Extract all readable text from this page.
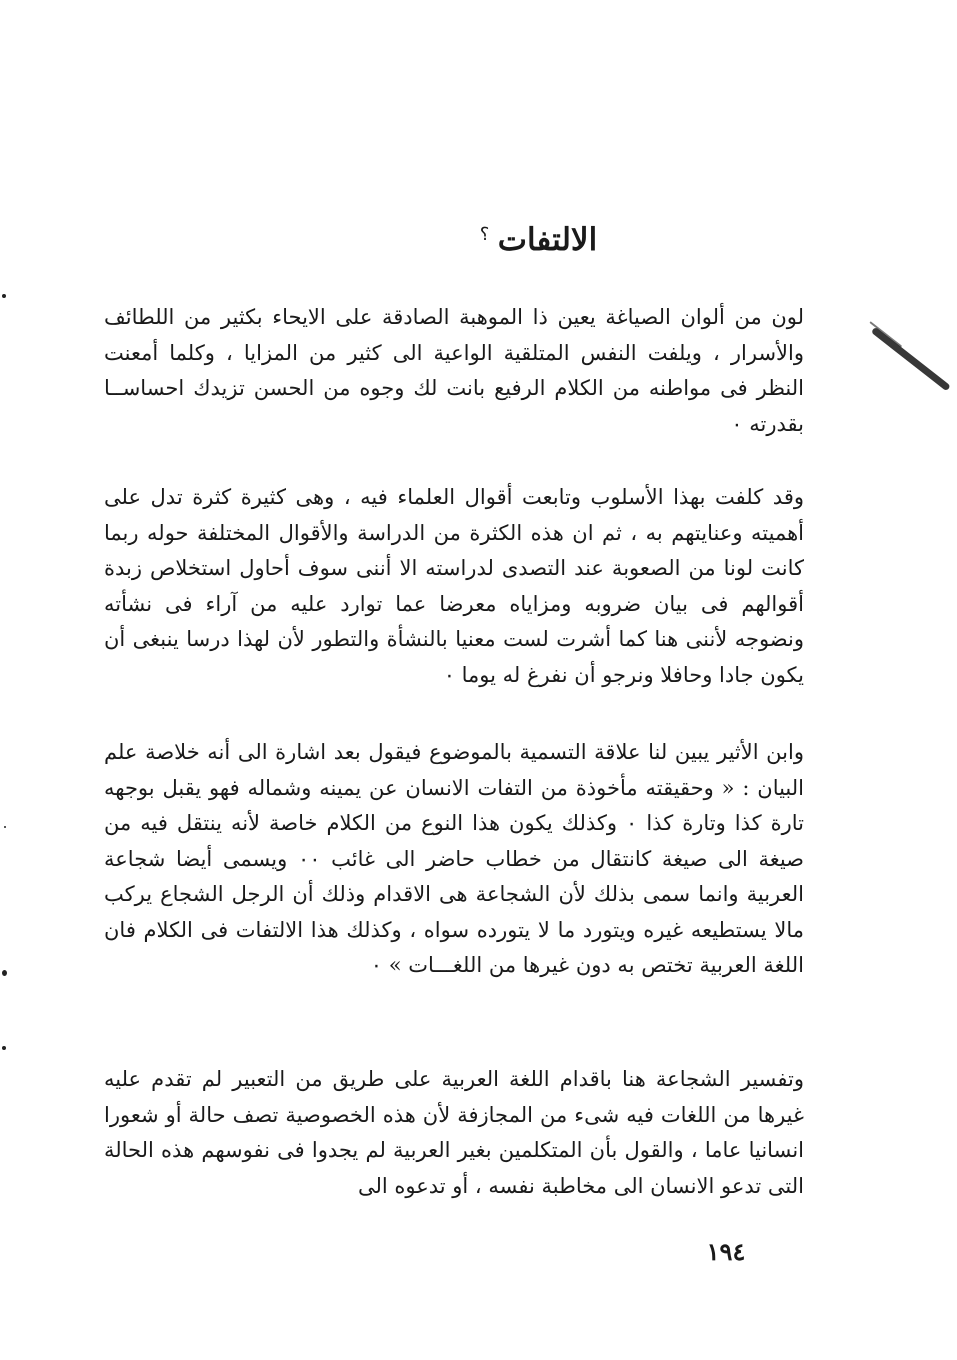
الالتفات
؟

لون من ألوان الصياغة يعين ذا الموهبة الصادقة على الايحاء بكثير من اللطائف والأسرار ، ويلفت النفس المتلقية الواعية الى كثير من المزايا ، وكلما أمعنت النظر فى مواطنه من الكلام الرفيع بانت لك وجوه من الحسن تزيدك احساســا بقدرته ٠

وقد كلفت بهذا الأسلوب وتابعت أقوال العلماء فيه ، وهى كثيرة كثرة تدل على أهميته وعنايتهم به ، ثم ان هذه الكثرة من الدراسة والأقوال المختلفة حوله ربما كانت لونا من الصعوبة عند التصدى لدراسته الا أننى سوف أحاول استخلاص زبدة أقوالهم فى بيان ضروبه ومزاياه معرضا عما توارد عليه من آراء فى نشأته ونضوجه لأننى هنا كما أشرت لست معنيا بالنشأة والتطور لأن لهذا درسا ينبغى أن يكون جادا وحافلا ونرجو أن نفرغ له يوما ٠

وابن الأثير يبين لنا علاقة التسمية بالموضوع فيقول بعد اشارة الى أنه خلاصة علم البيان : « وحقيقته مأخوذة من التفات الانسان عن يمينه وشماله فهو يقبل بوجهه تارة كذا وتارة كذا ٠ وكذلك يكون هذا النوع من الكلام خاصة لأنه ينتقل فيه من صيغة الى صيغة كانتقال من خطاب حاضر الى غائب ٠٠ ويسمى أيضا شجاعة العربية وانما سمى بذلك لأن الشجاعة هى الاقدام وذلك أن الرجل الشجاع يركب مالا يستطيعه غيره ويتورد ما لا يتورده سواه ، وكذلك هذا الالتفات فى الكلام فان اللغة العربية تختص به دون غيرها من اللغـــات » ٠

وتفسير الشجاعة هنا باقدام اللغة العربية على طريق من التعبير لم تقدم عليه غيرها من اللغات فيه شىء من المجازفة لأن هذه الخصوصية تصف حالة أو شعورا انسانيا عاما ، والقول بأن المتكلمين بغير العربية لم يجدوا فى نفوسهم هذه الحالة التى تدعو الانسان الى مخاطبة نفسه ، أو تدعوه الى

١٩٤
